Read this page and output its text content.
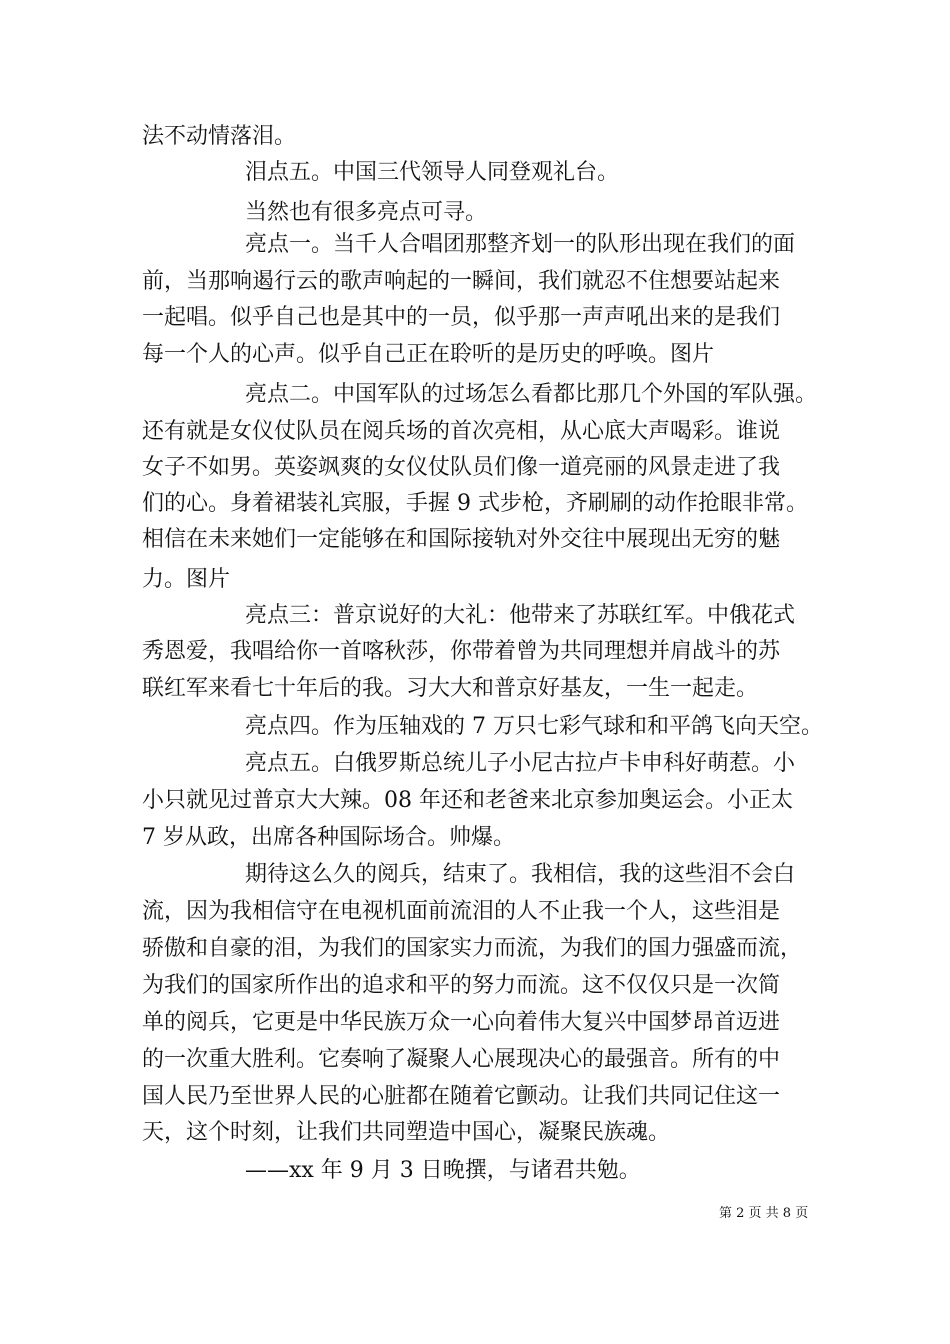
法不动情落泪。
泪点五。中国三代领导人同登观礼台。
当然也有很多亮点可寻。
亮点一。当千人合唱团那整齐划一的队形出现在我们的面
前，当那响遏行云的歌声响起的一瞬间，我们就忍不住想要站起来
一起唱。似乎自己也是其中的一员，似乎那一声声吼出来的是我们
每一个人的心声。似乎自己正在聆听的是历史的呼唤。图片
亮点二。中国军队的过场怎么看都比那几个外国的军队强。
还有就是女仪仗队员在阅兵场的首次亮相，从心底大声喝彩。谁说
女子不如男。英姿飒爽的女仪仗队员们像一道亮丽的风景走进了我
们的心。身着裙装礼宾服，手握 9 式步枪，齐刷刷的动作抢眼非常。
相信在未来她们一定能够在和国际接轨对外交往中展现出无穷的魅
力。图片
亮点三：普京说好的大礼：他带来了苏联红军。中俄花式
秀恩爱，我唱给你一首喀秋莎，你带着曾为共同理想并肩战斗的苏
联红军来看七十年后的我。习大大和普京好基友，一生一起走。
亮点四。作为压轴戏的 7 万只七彩气球和和平鸽飞向天空。
亮点五。白俄罗斯总统儿子小尼古拉卢卡申科好萌惹。小
小只就见过普京大大辣。08 年还和老爸来北京参加奥运会。小正太
7 岁从政，出席各种国际场合。帅爆。
期待这么久的阅兵，结束了。我相信，我的这些泪不会白
流，因为我相信守在电视机面前流泪的人不止我一个人，这些泪是
骄傲和自豪的泪，为我们的国家实力而流，为我们的国力强盛而流，
为我们的国家所作出的追求和平的努力而流。这不仅仅只是一次简
单的阅兵，它更是中华民族万众一心向着伟大复兴中国梦昂首迈进
的一次重大胜利。它奏响了凝聚人心展现决心的最强音。所有的中
国人民乃至世界人民的心脏都在随着它颤动。让我们共同记住这一
天，这个时刻，让我们共同塑造中国心，凝聚民族魂。
——xx 年 9 月 3 日晚撰，与诸君共勉。
第 2 页 共 8 页
